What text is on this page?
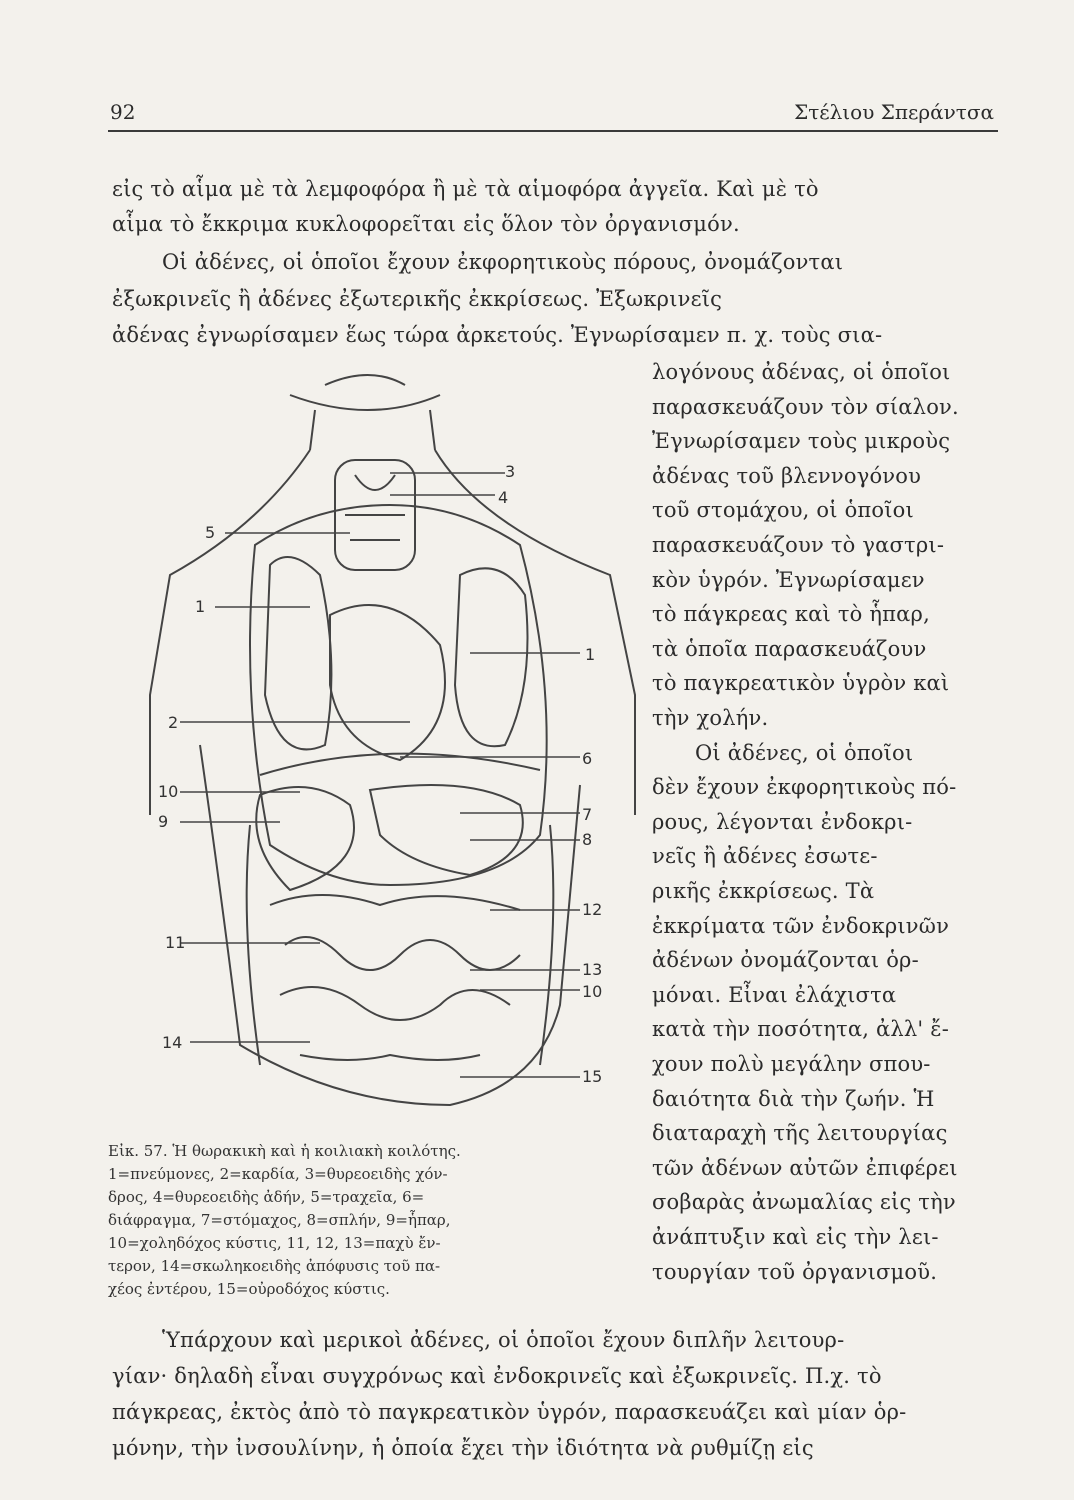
92	Στέλιου Σπεράντσα
εἰς τὸ αἷμα μὲ τὰ λεμφοφόρα ἢ μὲ τὰ αἱμοφόρα ἀγγεῖα. Καὶ μὲ τὸ
αἷμα τὸ ἔκκριμα κυκλοφορεῖται εἰς ὅλον τὸν ὀργανισμόν.
Οἱ ἀδένες, οἱ ὁποῖοι ἔχουν ἐκφορητικοὺς πόρους, ὀνομάζονται
ἐξωκρινεῖς ἢ ἀδένες ἐξωτερικῆς ἐκκρίσεως. Ἐξωκρινεῖς
ἀδένας ἐγνωρίσαμεν ἕως τώρα ἀρκετούς. Ἐγνωρίσαμεν π. χ. τοὺς σια-
λογόνους ἀδένας, οἱ ὁποῖοι
παρασκευάζουν τὸν σίαλον.
Ἐγνωρίσαμεν τοὺς μικροὺς
ἀδένας τοῦ βλεννογόνου
τοῦ στομάχου, οἱ ὁποῖοι
παρασκευάζουν τὸ γαστρι-
κὸν ὑγρόν. Ἐγνωρίσαμεν
τὸ πάγκρεας καὶ τὸ ἧπαρ,
τὰ ὁποῖα παρασκευάζουν
τὸ παγκρεατικὸν ὑγρὸν καὶ
τὴν χολήν.
Οἱ ἀδένες, οἱ ὁποῖοι
δὲν ἔχουν ἐκφορητικοὺς πό-
ρους, λέγονται ἐνδοκρι-
νεῖς ἢ ἀδένες ἐσωτε-
ρικῆς ἐκκρίσεως. Τὰ
ἐκκρίματα τῶν ἐνδοκρινῶν
ἀδένων ὀνομάζονται ὁρ-
μόναι. Εἶναι ἐλάχιστα
κατὰ τὴν ποσότητα, ἀλλ' ἔ-
χουν πολὺ μεγάλην σπου-
δαιότητα διὰ τὴν ζωήν. Ἡ
διαταραχὴ τῆς λειτουργίας
τῶν ἀδένων αὐτῶν ἐπιφέρει
σοβαρὰς ἀνωμαλίας εἰς τὴν
ἀνάπτυξιν καὶ εἰς τὴν λει-
τουργίαν τοῦ ὀργανισμοῦ.
3
4
5
1
1
2
6
10
9	7
8
12
11
13
10
14
15
Εἰκ. 57. Ἡ θωρακικὴ καὶ ἡ κοιλιακὴ κοιλότης.
1=πνεύμονες, 2=καρδία, 3=θυρεοειδὴς χόν-
δρος, 4=θυρεοειδὴς ἀδήν, 5=τραχεῖα, 6=
διάφραγμα, 7=στόμαχος, 8=σπλήν, 9=ἧπαρ,
10=χοληδόχος κύστις, 11, 12, 13=παχὺ ἔν-
τερον, 14=σκωληκοειδὴς ἀπόφυσις τοῦ πα-
χέος ἐντέρου, 15=οὐροδόχος κύστις.
Ὑπάρχουν καὶ μερικοὶ ἀδένες, οἱ ὁποῖοι ἔχουν διπλῆν λειτουρ-
γίαν· δηλαδὴ εἶναι συγχρόνως καὶ ἐνδοκρινεῖς καὶ ἐξωκρινεῖς. Π.χ. τὸ
πάγκρεας, ἐκτὸς ἀπὸ τὸ παγκρεατικὸν ὑγρόν, παρασκευάζει καὶ μίαν ὁρ-
μόνην, τὴν ἰνσουλίνην, ἡ ὁποία ἔχει τὴν ἰδιότητα νὰ ρυθμίζῃ εἰς
